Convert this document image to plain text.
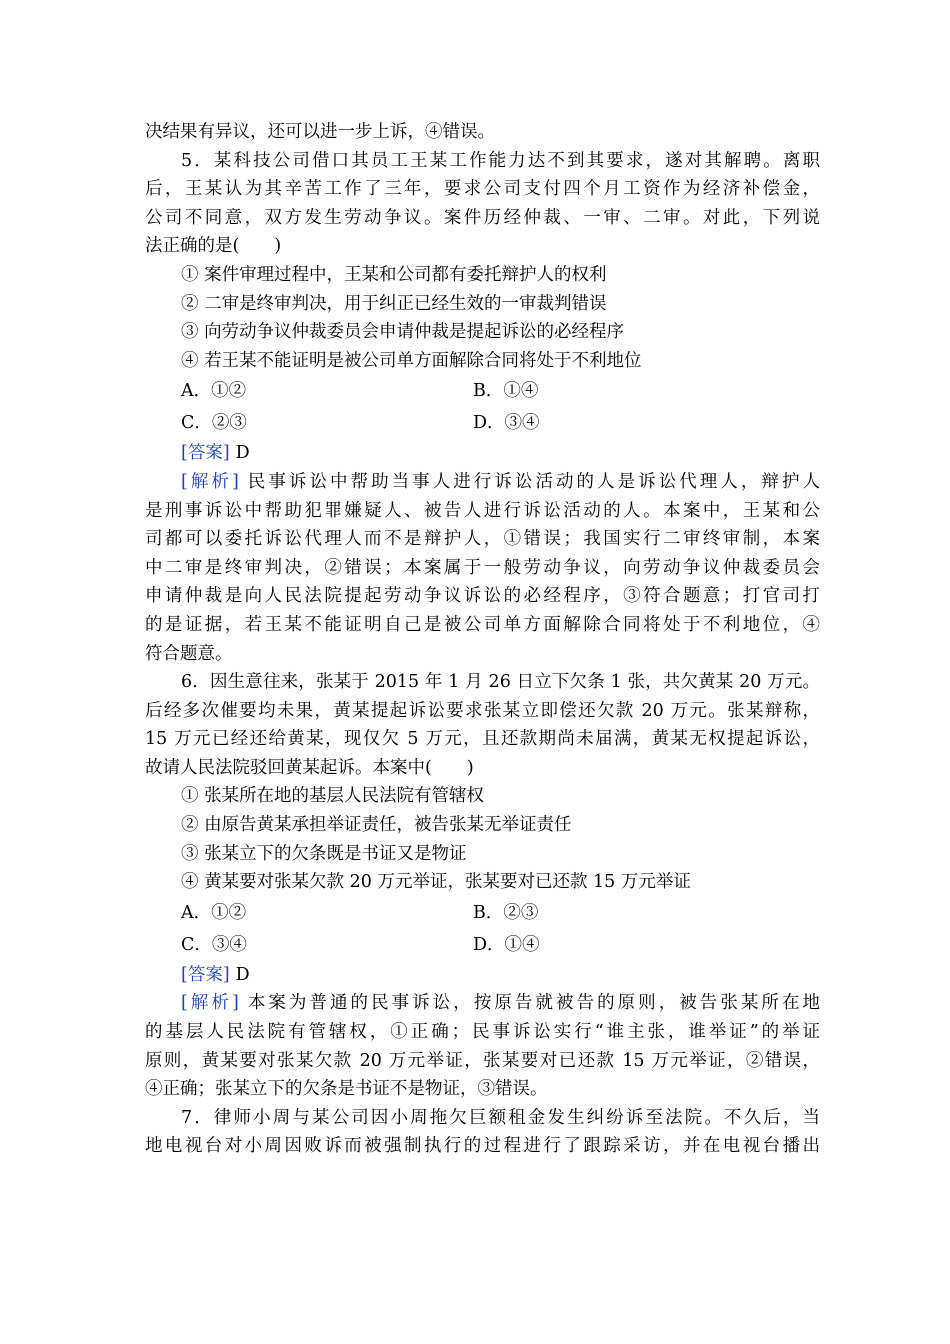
决结果有异议，还可以进一步上诉，④错误。
5．某科技公司借口其员工王某工作能力达不到其要求，遂对其解聘。离职
后，王某认为其辛苦工作了三年，要求公司支付四个月工资作为经济补偿金，
公司不同意，双方发生劳动争议。案件历经仲裁、一审、二审。对此，下列说
法正确的是(　　)
① 案件审理过程中，王某和公司都有委托辩护人的权利
② 二审是终审判决，用于纠正已经生效的一审裁判错误
③ 向劳动争议仲裁委员会申请仲裁是提起诉讼的必经程序
④ 若王某不能证明是被公司单方面解除合同将处于不利地位
A．①②	B．①④
C．②③	D．③④
[答案] D
[解析] 民事诉讼中帮助当事人进行诉讼活动的人是诉讼代理人，辩护人
是刑事诉讼中帮助犯罪嫌疑人、被告人进行诉讼活动的人。本案中，王某和公
司都可以委托诉讼代理人而不是辩护人，①错误；我国实行二审终审制，本案
中二审是终审判决，②错误；本案属于一般劳动争议，向劳动争议仲裁委员会
申请仲裁是向人民法院提起劳动争议诉讼的必经程序，③符合题意；打官司打
的是证据，若王某不能证明自己是被公司单方面解除合同将处于不利地位，④
符合题意。
6．因生意往来，张某于 2015 年 1 月 26 日立下欠条 1 张，共欠黄某 20 万元。
后经多次催要均未果，黄某提起诉讼要求张某立即偿还欠款 20 万元。张某辩称，
15 万元已经还给黄某，现仅欠 5 万元，且还款期尚未届满，黄某无权提起诉讼，
故请人民法院驳回黄某起诉。本案中(　　)
① 张某所在地的基层人民法院有管辖权
② 由原告黄某承担举证责任，被告张某无举证责任
③ 张某立下的欠条既是书证又是物证
④ 黄某要对张某欠款 20 万元举证，张某要对已还款 15 万元举证
A．①②	B．②③
C．③④	D．①④
[答案] D
[解析] 本案为普通的民事诉讼，按原告就被告的原则，被告张某所在地
的基层人民法院有管辖权，①正确；民事诉讼实行“谁主张，谁举证”的举证
原则，黄某要对张某欠款 20 万元举证，张某要对已还款 15 万元举证，②错误，
④正确；张某立下的欠条是书证不是物证，③错误。
7．律师小周与某公司因小周拖欠巨额租金发生纠纷诉至法院。不久后，当
地电视台对小周因败诉而被强制执行的过程进行了跟踪采访，并在电视台播出
